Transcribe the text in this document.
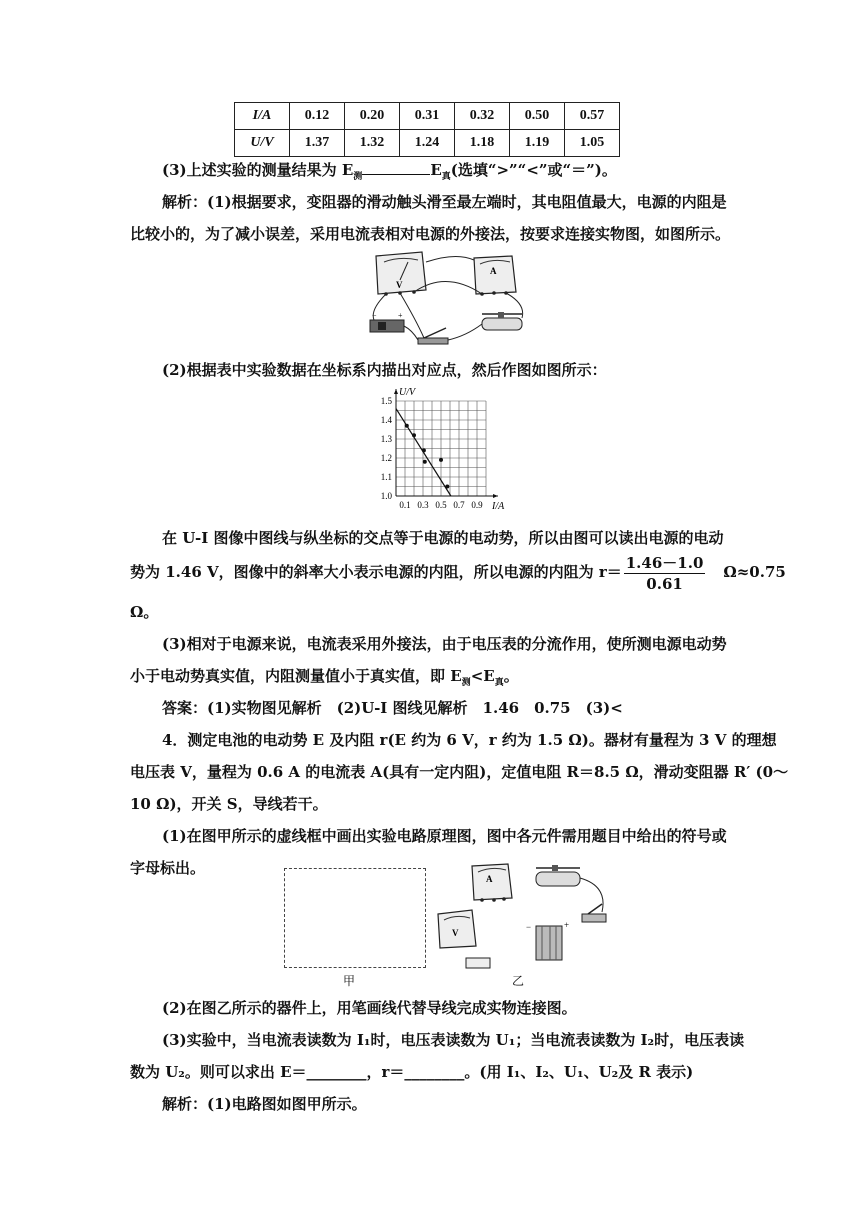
I/A	0.12	0.20	0.31	0.32	0.50	0.57
U/V	1.37	1.32	1.24	1.18	1.19	1.05

(3)上述实验的测量结果为 $E_测$	$E_真$(选填“>”“<”或“＝”)。

解析：(1)根据要求，变阻器的滑动触头滑至最左端时，其电阻值最大，电源的内阻是

比较小的，为了减小误差，采用电流表相对电源的外接法，按要求连接实物图，如图所示。

V
A
−	+

(2)根据表中实验数据在坐标系内描出对应点，然后作图如图所示：

I/A
U/V
0.1 0.3 0.5 0.7 0.9
1.0
1.1
1.2
1.3
1.4
1.5

在 U-I 图像中图线与纵坐标的交点等于电源的电动势，所以由图可以读出电源的电动

势为 1.46 V，图像中的斜率大小表示电源的内阻，所以电源的内阻为 $r= \frac{1.46-1.0}{0.61} \Omega\approx 0.75$

Ω。

(3)相对于电源来说，电流表采用外接法，由于电压表的分流作用，使所测电源电动势

小于电动势真实值，内阻测量值小于真实值，即 $E_测<E_真$。

答案：(1)实物图见解析　(2)U-I 图线见解析　1.46　0.75　(3)<

4．测定电池的电动势 E 及内阻 r(E 约为 6 V，r 约为 1.5 Ω)。器材有量程为 3 V 的理想

电压表 V，量程为 0.6 A 的电流表 A(具有一定内阻)，定值电阻 R＝8.5 Ω，滑动变阻器 R′ (0～

10 Ω)，开关 S，导线若干。

(1)在图甲所示的虚线框中画出实验电路原理图，图中各元件需用题目中给出的符号或

字母标出。

甲
A
V
−	+
乙

(2)在图乙所示的器件上，用笔画线代替导线完成实物连接图。

(3)实验中，当电流表读数为 I₁时，电压表读数为 U₁；当电流表读数为 I₂时，电压表读

数为 U₂。则可以求出 E＝________，r＝________。(用 I₁、I₂、U₁、U₂及 R 表示)

解析：(1)电路图如图甲所示。
